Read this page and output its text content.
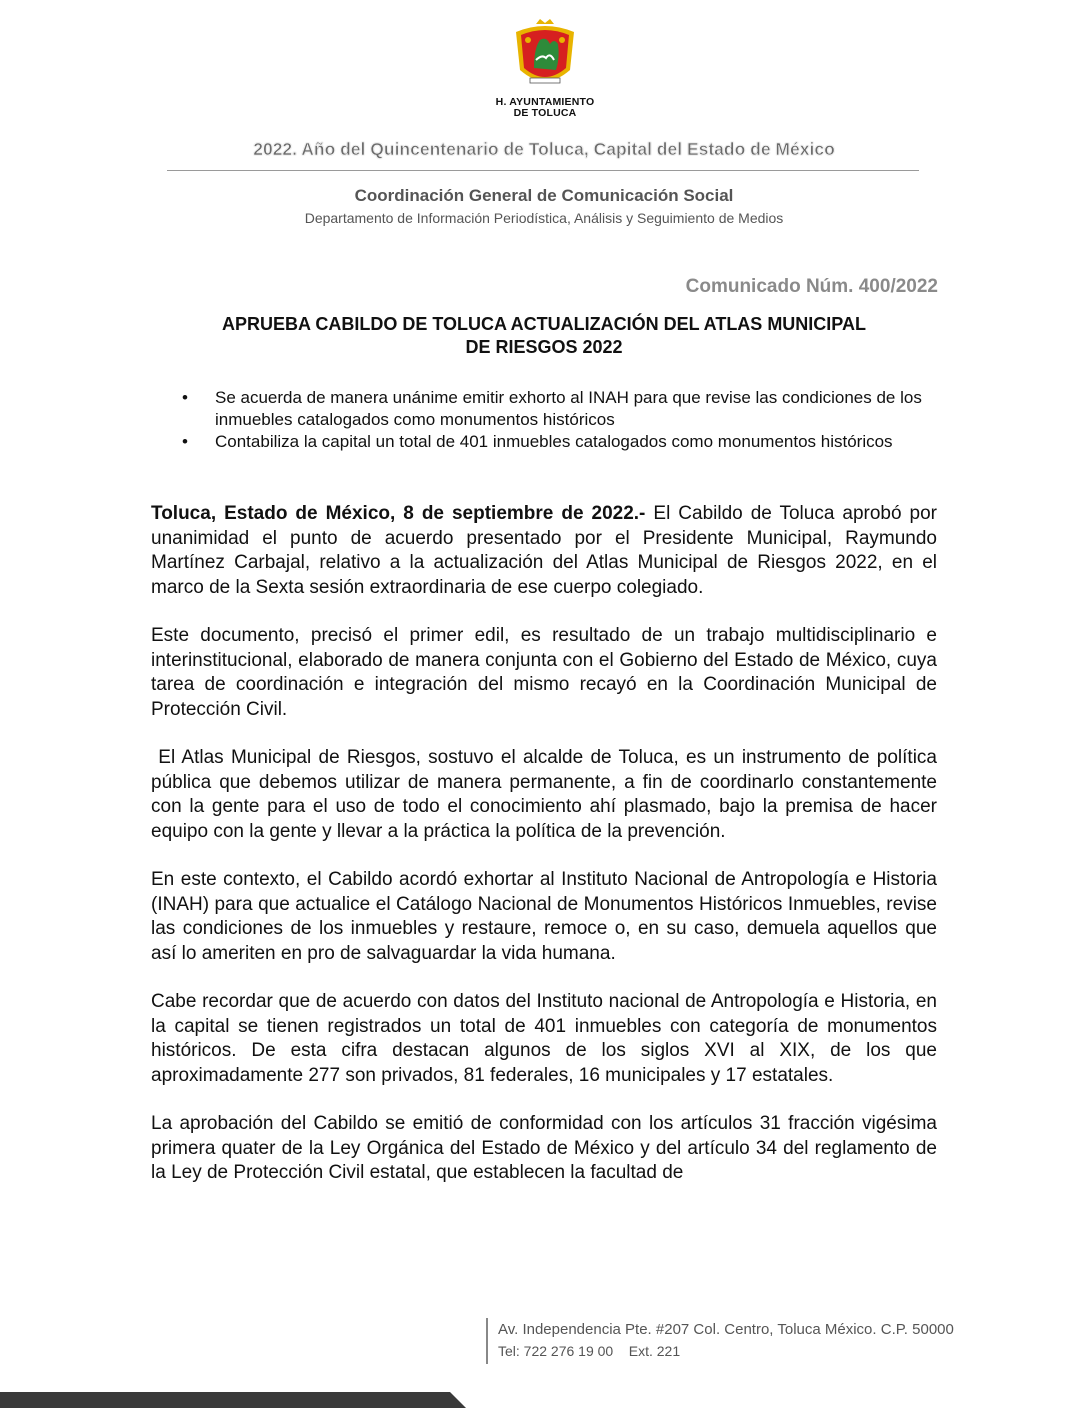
H. AYUNTAMIENTO
DE TOLUCA
2022. Año del Quincentenario de Toluca, Capital del Estado de México
Coordinación General de Comunicación Social
Departamento de Información Periodística, Análisis y Seguimiento de Medios
Comunicado Núm. 400/2022
APRUEBA CABILDO DE TOLUCA ACTUALIZACIÓN DEL ATLAS MUNICIPAL
DE RIESGOS 2022
• Se acuerda de manera unánime emitir exhorto al INAH para que revise las condiciones de los inmuebles catalogados como monumentos históricos
• Contabiliza la capital un total de 401 inmuebles catalogados como monumentos históricos

Toluca, Estado de México, 8 de septiembre de 2022.- El Cabildo de Toluca aprobó por unanimidad el punto de acuerdo presentado por el Presidente Municipal, Raymundo Martínez Carbajal, relativo a la actualización del Atlas Municipal de Riesgos 2022, en el marco de la Sexta sesión extraordinaria de ese cuerpo colegiado.

Este documento, precisó el primer edil, es resultado de un trabajo multidisciplinario e interinstitucional, elaborado de manera conjunta con el Gobierno del Estado de México, cuya tarea de coordinación e integración del mismo recayó en la Coordinación Municipal de Protección Civil.

El Atlas Municipal de Riesgos, sostuvo el alcalde de Toluca, es un instrumento de política pública que debemos utilizar de manera permanente, a fin de coordinarlo constantemente con la gente para el uso de todo el conocimiento ahí plasmado, bajo la premisa de hacer equipo con la gente y llevar a la práctica la política de la prevención.

En este contexto, el Cabildo acordó exhortar al Instituto Nacional de Antropología e Historia (INAH) para que actualice el Catálogo Nacional de Monumentos Históricos Inmuebles, revise las condiciones de los inmuebles y restaure, remoce o, en su caso, demuela aquellos que así lo ameriten en pro de salvaguardar la vida humana.

Cabe recordar que de acuerdo con datos del Instituto nacional de Antropología e Historia, en la capital se tienen registrados un total de 401 inmuebles con categoría de monumentos históricos. De esta cifra destacan algunos de los siglos XVI al XIX, de los que aproximadamente 277 son privados, 81 federales, 16 municipales y 17 estatales.

La aprobación del Cabildo se emitió de conformidad con los artículos 31 fracción vigésima primera quater de la Ley Orgánica del Estado de México y del artículo 34 del reglamento de la Ley de Protección Civil estatal, que establecen la facultad de

Av. Independencia Pte. #207 Col. Centro, Toluca México. C.P. 50000
Tel: 722 276 19 00    Ext. 221
